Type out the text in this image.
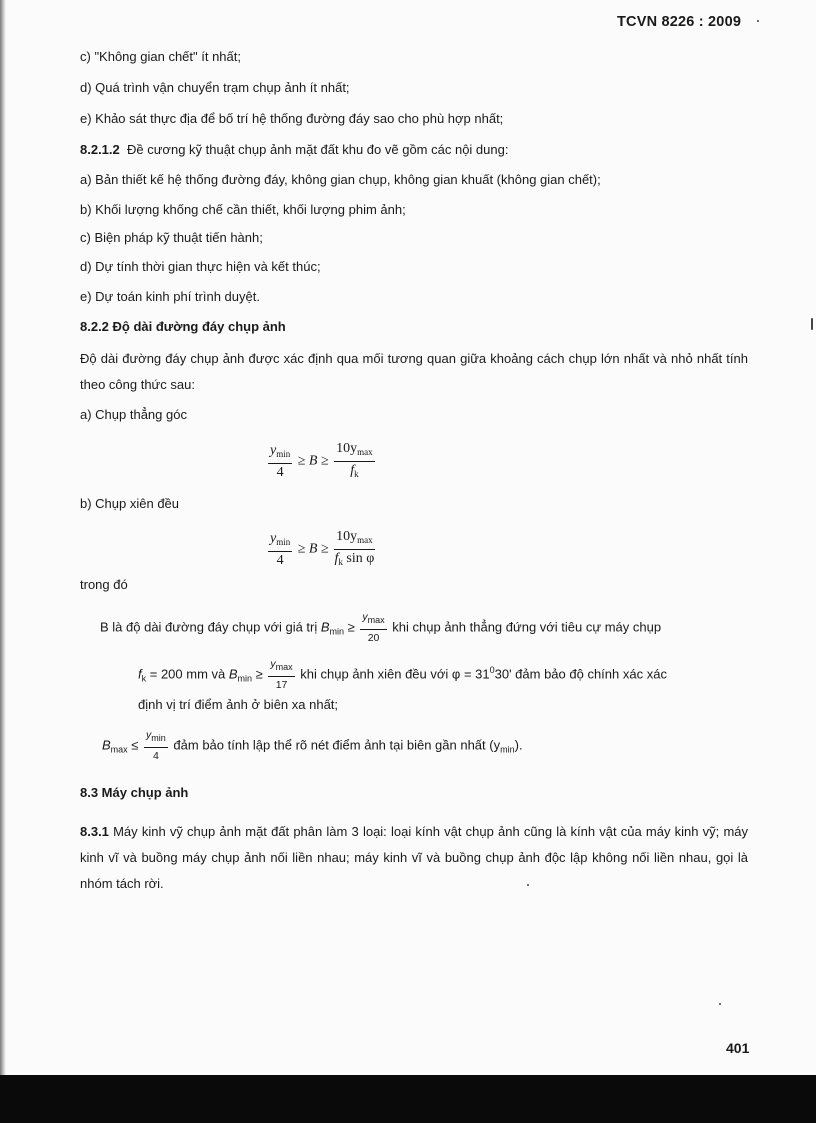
TCVN 8226 : 2009
c) "Không gian chết" ít nhất;
d) Quá trình vận chuyển trạm chụp ảnh ít nhất;
e) Khảo sát thực địa để bố trí hệ thống đường đáy sao cho phù hợp nhất;
8.2.1.2 Đề cương kỹ thuật chụp ảnh mặt đất khu đo vẽ gồm các nội dung:
a) Bản thiết kế hệ thống đường đáy, không gian chụp, không gian khuất (không gian chết);
b) Khối lượng khống chế cần thiết, khối lượng phim ảnh;
c) Biện pháp kỹ thuật tiến hành;
d) Dự tính thời gian thực hiện và kết thúc;
e) Dự toán kinh phí trình duyệt.
8.2.2 Độ dài đường đáy chụp ảnh
Độ dài đường đáy chụp ảnh được xác định qua mối tương quan giữa khoảng cách chụp lớn nhất và nhỏ nhất tính theo công thức sau:
a) Chụp thẳng góc
$\frac{y_{min}}{4} \ge B \ge \frac{10y_{max}}{f_k}$
b) Chụp xiên đều
$\frac{y_{min}}{4} \ge B \ge \frac{10y_{max}}{f_k \sin \varphi}$
trong đó
B là độ dài đường đáy chụp với giá trị $B_{min} \ge \frac{ymax}{20}$ khi chụp ảnh thẳng đứng với tiêu cự máy chụp
$f_k = 200$ mm và $B_{min} \ge \frac{ymax}{17}$ khi chụp ảnh xiên đều với $\varphi = 31^030'$ đảm bảo độ chính xác xác
định vị trí điểm ảnh ở biên xa nhất;
$B_{max} \le \frac{ymin}{4}$ đảm bảo tính lập thể rõ nét điểm ảnh tại biên gần nhất $(y_{min})$.
8.3 Máy chụp ảnh
8.3.1 Máy kinh vỹ chụp ảnh mặt đất phân làm 3 loại: loại kính vật chụp ảnh cũng là kính vật của máy kinh vỹ; máy kinh vĩ và buồng máy chụp ảnh nối liền nhau; máy kinh vĩ và buồng chụp ảnh độc lập không nối liền nhau, gọi là nhóm tách rời.
401
